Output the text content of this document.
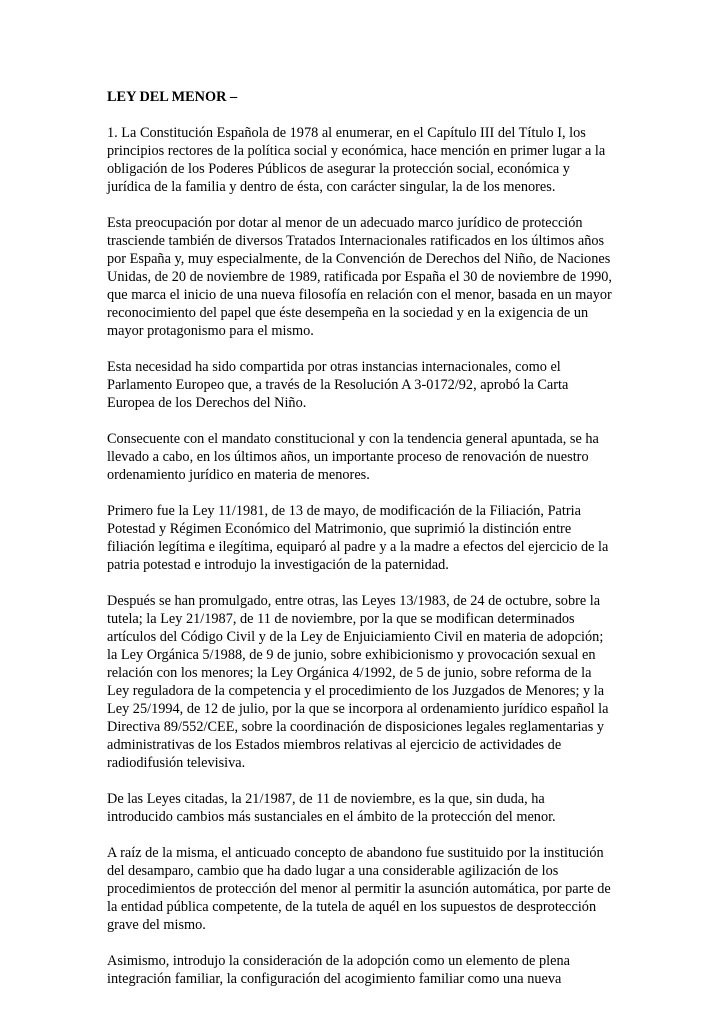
LEY DEL MENOR –
1. La Constitución Española de 1978 al enumerar, en el Capítulo III del Título I, los
principios rectores de la política social y económica, hace mención en primer lugar a la
obligación de los Poderes Públicos de asegurar la protección social, económica y
jurídica de la familia y dentro de ésta, con carácter singular, la de los menores.
Esta preocupación por dotar al menor de un adecuado marco jurídico de protección
trasciende también de diversos Tratados Internacionales ratificados en los últimos años
por España y, muy especialmente, de la Convención de Derechos del Niño, de Naciones
Unidas, de 20 de noviembre de 1989, ratificada por España el 30 de noviembre de 1990,
que marca el inicio de una nueva filosofía en relación con el menor, basada en un mayor
reconocimiento del papel que éste desempeña en la sociedad y en la exigencia de un
mayor protagonismo para el mismo.
Esta necesidad ha sido compartida por otras instancias internacionales, como el
Parlamento Europeo que, a través de la Resolución A 3-0172/92, aprobó la Carta
Europea de los Derechos del Niño.
Consecuente con el mandato constitucional y con la tendencia general apuntada, se ha
llevado a cabo, en los últimos años, un importante proceso de renovación de nuestro
ordenamiento jurídico en materia de menores.
Primero fue la Ley 11/1981, de 13 de mayo, de modificación de la Filiación, Patria
Potestad y Régimen Económico del Matrimonio, que suprimió la distinción entre
filiación legítima e ilegítima, equiparó al padre y a la madre a efectos del ejercicio de la
patria potestad e introdujo la investigación de la paternidad.
Después se han promulgado, entre otras, las Leyes 13/1983, de 24 de octubre, sobre la
tutela; la Ley 21/1987, de 11 de noviembre, por la que se modifican determinados
artículos del Código Civil y de la Ley de Enjuiciamiento Civil en materia de adopción;
la Ley Orgánica 5/1988, de 9 de junio, sobre exhibicionismo y provocación sexual en
relación con los menores; la Ley Orgánica 4/1992, de 5 de junio, sobre reforma de la
Ley reguladora de la competencia y el procedimiento de los Juzgados de Menores; y la
Ley 25/1994, de 12 de julio, por la que se incorpora al ordenamiento jurídico español la
Directiva 89/552/CEE, sobre la coordinación de disposiciones legales reglamentarias y
administrativas de los Estados miembros relativas al ejercicio de actividades de
radiodifusión televisiva.
De las Leyes citadas, la 21/1987, de 11 de noviembre, es la que, sin duda, ha
introducido cambios más sustanciales en el ámbito de la protección del menor.
A raíz de la misma, el anticuado concepto de abandono fue sustituido por la institución
del desamparo, cambio que ha dado lugar a una considerable agilización de los
procedimientos de protección del menor al permitir la asunción automática, por parte de
la entidad pública competente, de la tutela de aquél en los supuestos de desprotección
grave del mismo.
Asimismo, introdujo la consideración de la adopción como un elemento de plena
integración familiar, la configuración del acogimiento familiar como una nueva
